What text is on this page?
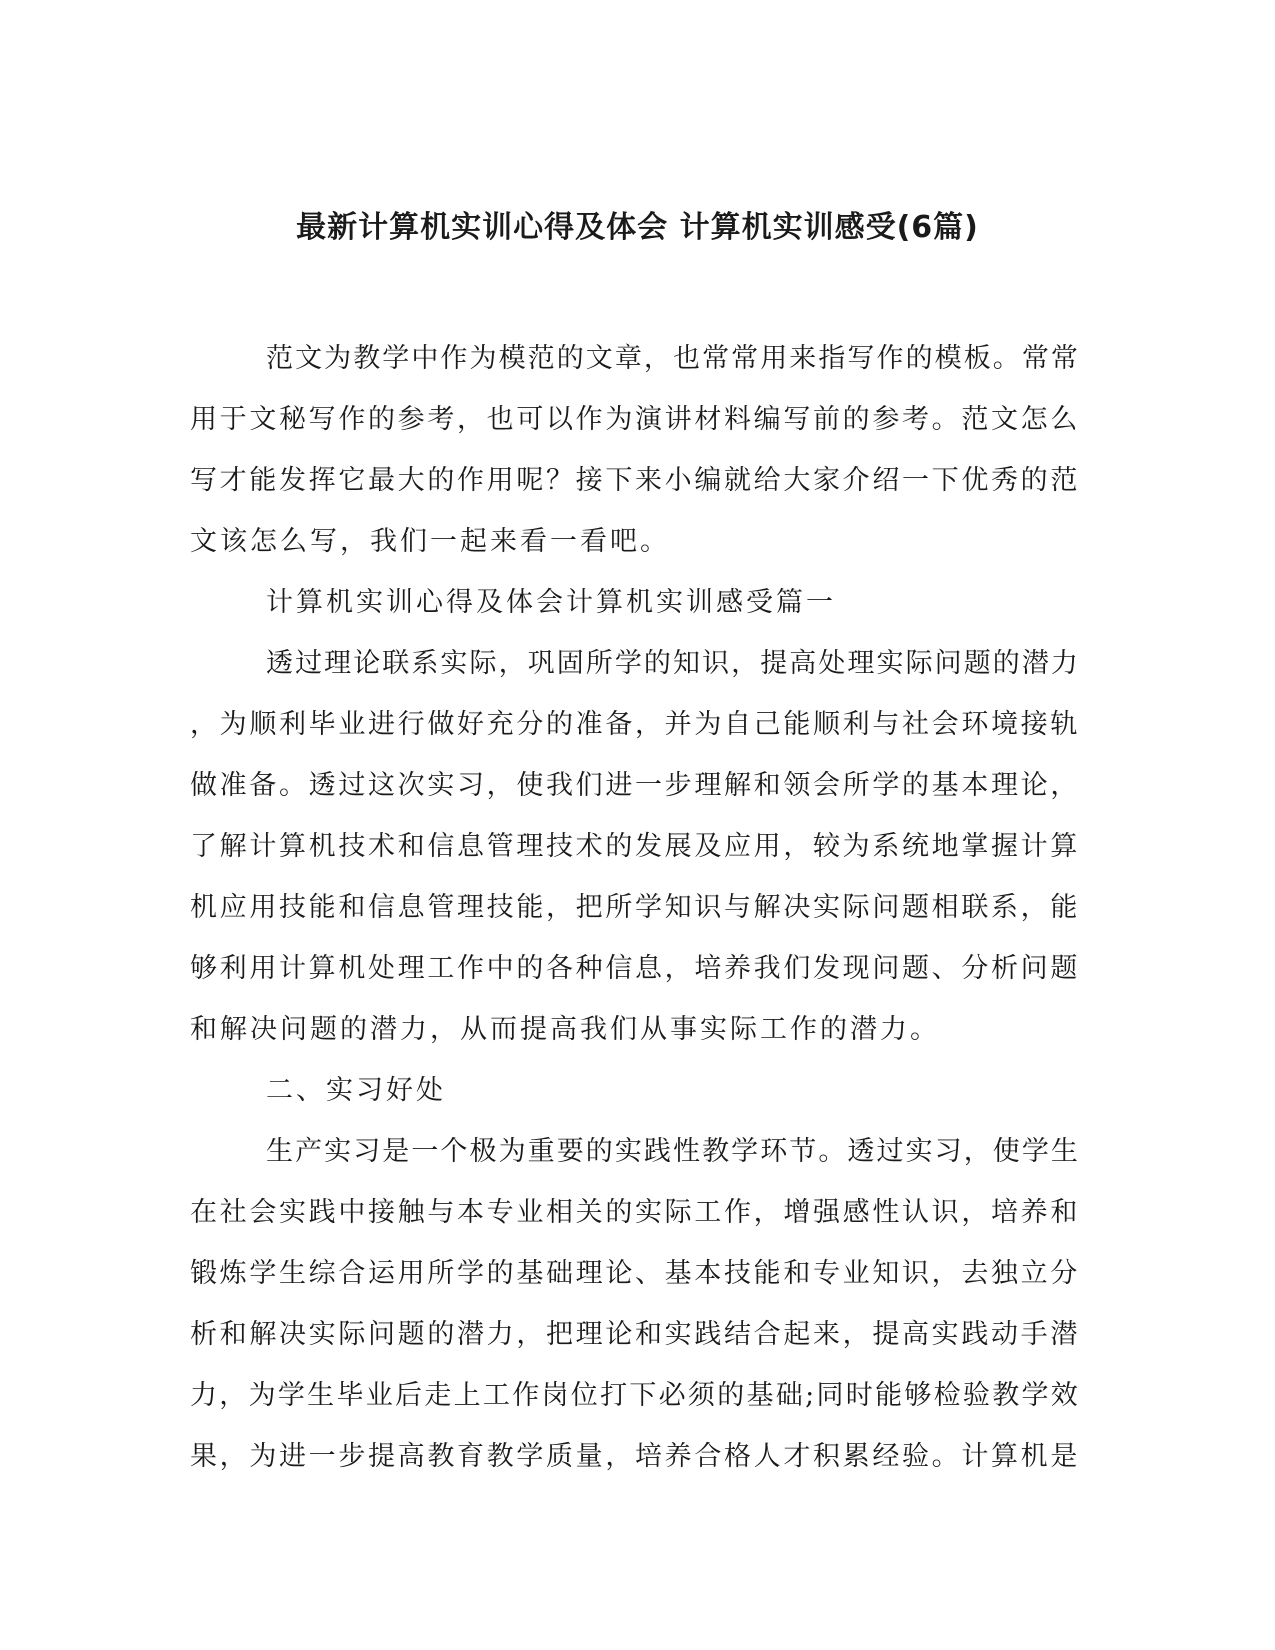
最新计算机实训心得及体会 计算机实训感受(6篇)
范文为教学中作为模范的文章，也常常用来指写作的模板。常常
用于文秘写作的参考，也可以作为演讲材料编写前的参考。范文怎么
写才能发挥它最大的作用呢？接下来小编就给大家介绍一下优秀的范
文该怎么写，我们一起来看一看吧。
计算机实训心得及体会计算机实训感受篇一
透过理论联系实际，巩固所学的知识，提高处理实际问题的潜力
，为顺利毕业进行做好充分的准备，并为自己能顺利与社会环境接轨
做准备。透过这次实习，使我们进一步理解和领会所学的基本理论，
了解计算机技术和信息管理技术的发展及应用，较为系统地掌握计算
机应用技能和信息管理技能，把所学知识与解决实际问题相联系，能
够利用计算机处理工作中的各种信息，培养我们发现问题、分析问题
和解决问题的潜力，从而提高我们从事实际工作的潜力。
二、实习好处
生产实习是一个极为重要的实践性教学环节。透过实习，使学生
在社会实践中接触与本专业相关的实际工作，增强感性认识，培养和
锻炼学生综合运用所学的基础理论、基本技能和专业知识，去独立分
析和解决实际问题的潜力，把理论和实践结合起来，提高实践动手潜
力，为学生毕业后走上工作岗位打下必须的基础;同时能够检验教学效
果，为进一步提高教育教学质量，培养合格人才积累经验。计算机是
